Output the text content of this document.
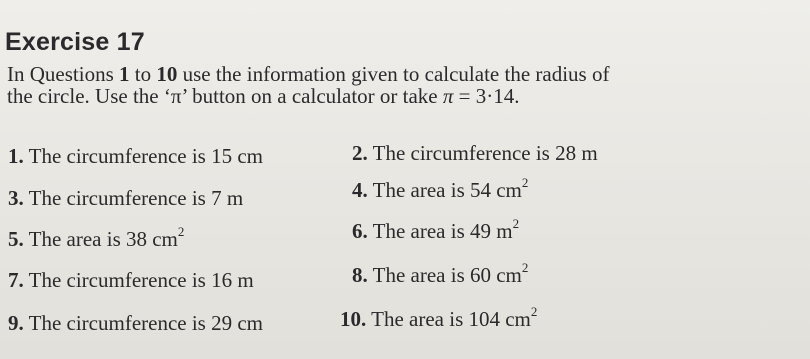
Exercise 17
In Questions 1 to 10 use the information given to calculate the radius of
the circle. Use the ‘π’ button on a calculator or take π = 3·14.
1. The circumference is 15 cm
3. The circumference is 7 m
5. The area is 38 $cm^2$
7. The circumference is 16 m
9. The circumference is 29 cm
2. The circumference is 28 m
4. The area is 54 $cm^2$
6. The area is 49 $m^2$
8. The area is 60 $cm^2$
10. The area is 104 $cm^2$
